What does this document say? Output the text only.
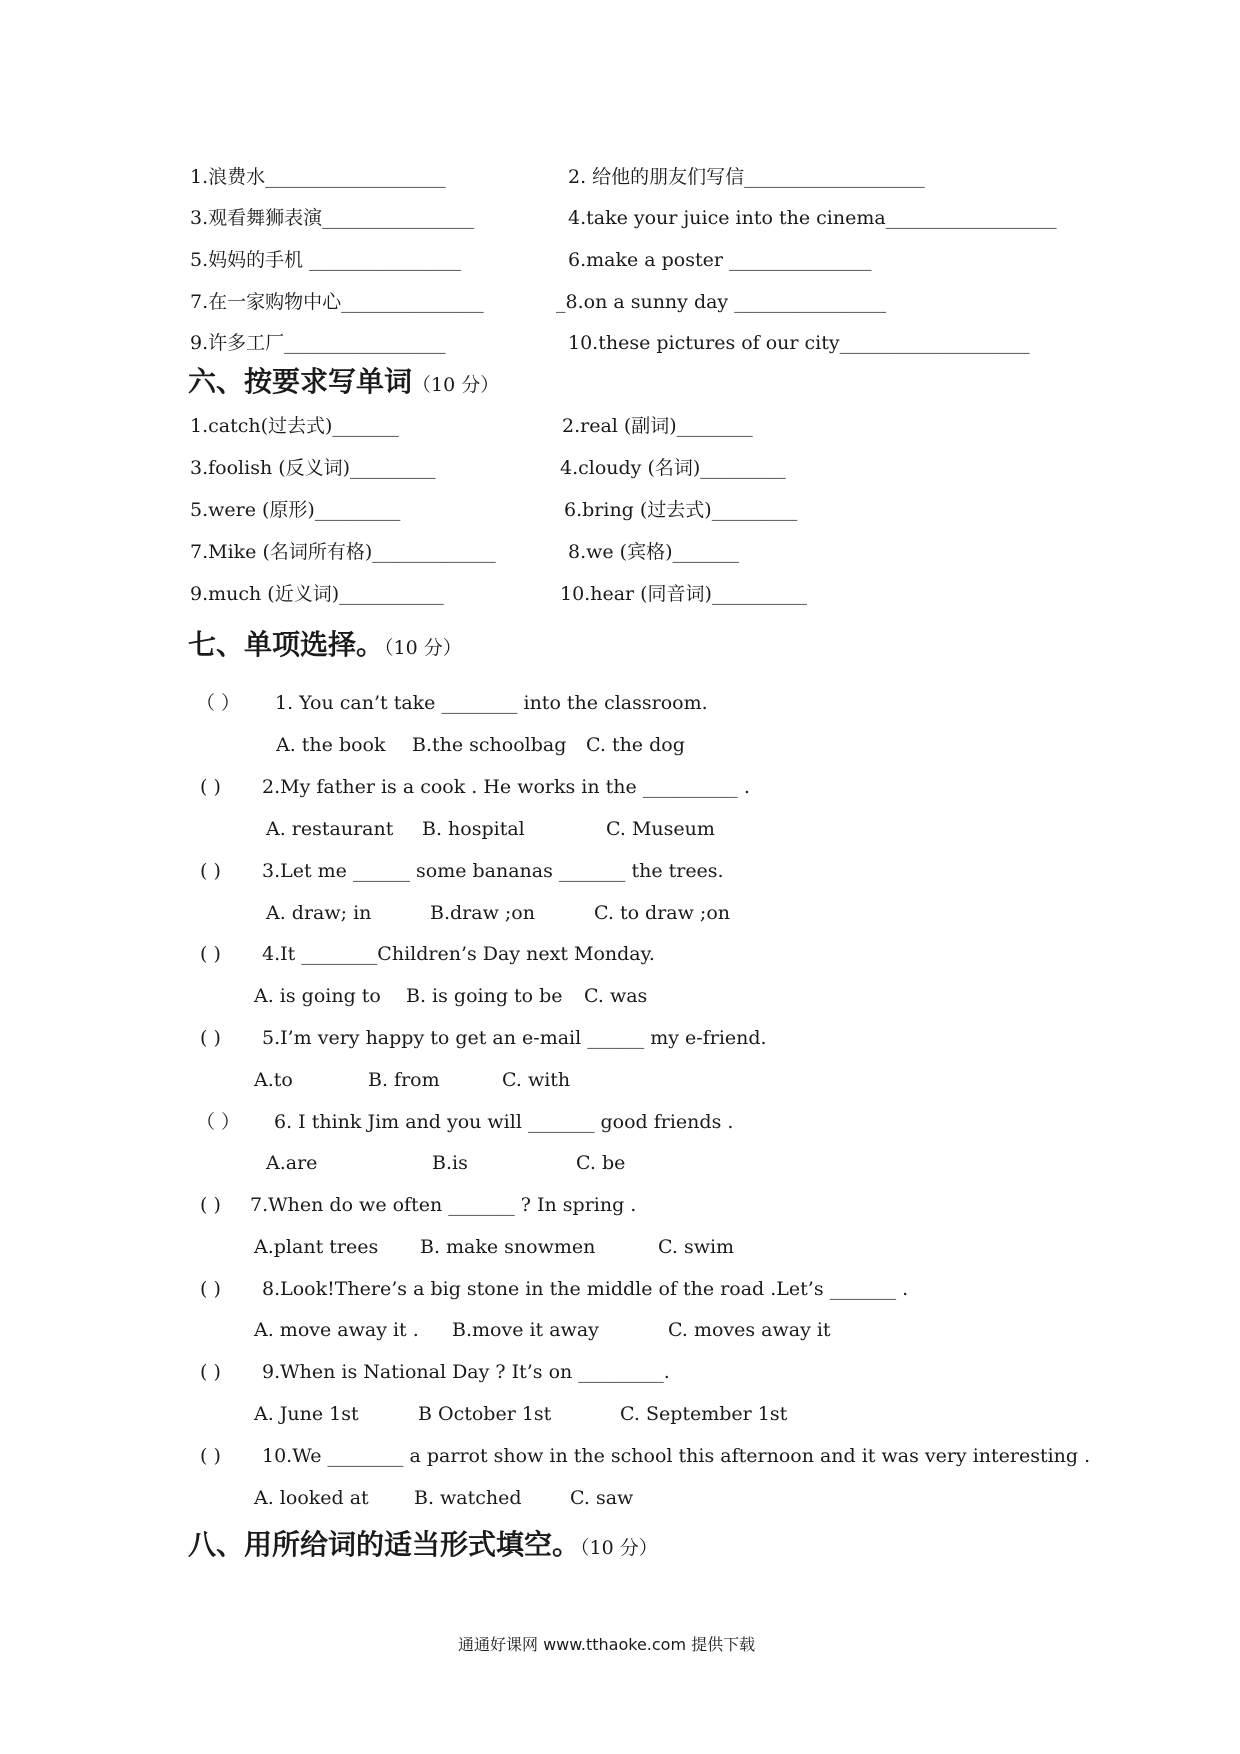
1.浪费水___________________	2. 给他的朋友们写信___________________
3.观看舞狮表演________________	4.take your juice into the cinema__________________
5.妈妈的手机 ________________	6.make a poster _______________
7.在一家购物中心_______________	_8.on a sunny day ________________
9.许多工厂_________________	10.these pictures of our city____________________
六、按要求写单词（10 分）
1.catch(过去式)_______	2.real (副词)________
3.foolish (反义词)_________	4.cloudy (名词)_________
5.were (原形)_________	6.bring (过去式)_________
7.Mike (名词所有格)_____________	8.we (宾格)_______
9.much (近义词)___________	10.hear (同音词)__________
七、单项选择。（10 分）
（ ） 1. You can’t take ________ into the classroom.
A. the book B.the schoolbag C. the dog
( ) 2.My father is a cook . He works in the __________ .
A. restaurant B. hospital	C. Museum
( ) 3.Let me ______ some bananas _______ the trees.
A. draw; in	B.draw ;on	C. to draw ;on
( ) 4.It ________Children’s Day next Monday.
A. is going to B. is going to be C. was
( ) 5.I’m very happy to get an e-mail ______ my e-friend.
A.to	B. from	C. with
（ ） 6. I think Jim and you will _______ good friends .
A.are	B.is	C. be
( ) 7.When do we often _______ ? In spring .
A.plant trees B. make snowmen	C. swim
( ) 8.Look!There’s a big stone in the middle of the road .Let’s _______ .
A. move away it . B.move it away	C. moves away it
( ) 9.When is National Day ? It’s on _________.
A. June 1st	B October 1st	C. September 1st
( ) 10.We ________ a parrot show in the school this afternoon and it was very interesting .
A. looked at B. watched	C. saw
八、用所给词的适当形式填空。（10 分）
通通好课网 www.tthaoke.com 提供下载
